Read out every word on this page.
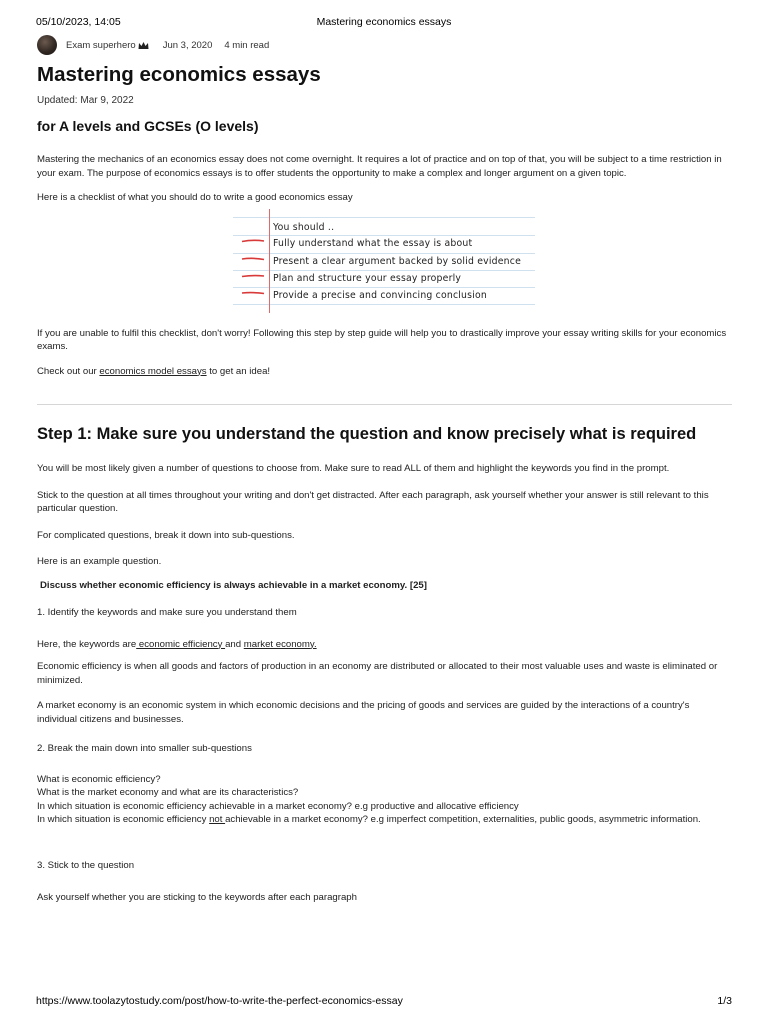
05/10/2023, 14:05	Mastering economics essays
Exam superhero	Jun 3, 2020 4 min read
Mastering economics essays
Updated: Mar 9, 2022
for A levels and GCSEs (O levels)

Mastering the mechanics of an economics essay does not come overnight. It requires a lot of practice and on top of that, you will be subject to a time restriction in your exam. The purpose of economics essays is to offer students the opportunity to make a complex and longer argument on a given topic.

Here is a checklist of what you should do to write a good economics essay

You should ..
Fully understand what the essay is about
Present a clear argument backed by solid evidence
Plan and structure your essay properly
Provide a precise and convincing conclusion

If you are unable to fulfil this checklist, don't worry! Following this step by step guide will help you to drastically improve your essay writing skills for your economics exams.

Check out our economics model essays to get an idea!

Step 1: Make sure you understand the question and know precisely what is required

You will be most likely given a number of questions to choose from. Make sure to read ALL of them and highlight the keywords you find in the prompt.

Stick to the question at all times throughout your writing and don't get distracted. After each paragraph, ask yourself whether your answer is still relevant to this particular question.

For complicated questions, break it down into sub-questions.

Here is an example question.

Discuss whether economic efficiency is always achievable in a market economy. [25]

1. Identify the keywords and make sure you understand them

Here, the keywords are economic efficiency and market economy.

Economic efficiency is when all goods and factors of production in an economy are distributed or allocated to their most valuable uses and waste is eliminated or minimized.

A market economy is an economic system in which economic decisions and the pricing of goods and services are guided by the interactions of a country's individual citizens and businesses.

2. Break the main down into smaller sub-questions

What is economic efficiency?

What is the market economy and what are its characteristics?

In which situation is economic efficiency achievable in a market economy? e.g productive and allocative efficiency

In which situation is economic efficiency not achievable in a market economy? e.g imperfect competition, externalities, public goods, asymmetric information.

3. Stick to the question

Ask yourself whether you are sticking to the keywords after each paragraph

https://www.toolazytostudy.com/post/how-to-write-the-perfect-economics-essay	1/3
